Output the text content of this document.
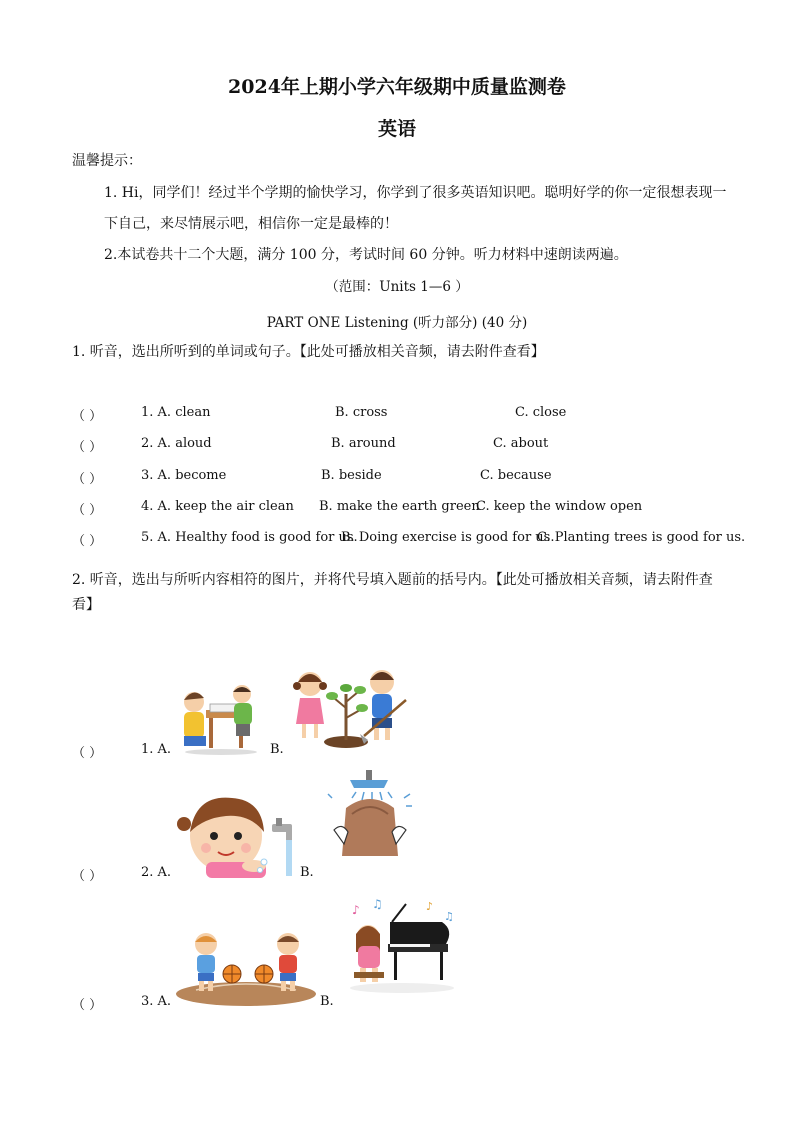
2024年上期小学六年级期中质量监测卷
英语
温馨提示：
1. Hi，同学们！经过半个学期的愉快学习，你学到了很多英语知识吧。聪明好学的你一定很想表现一
下自己，来尽情展示吧，相信你一定是最棒的！
2.本试卷共十二个大题，满分 100 分，考试时间 60 分钟。听力材料中速朗读两遍。
（范围：Units 1—6 ）
PART ONE Listening (听力部分) (40 分)
1. 听音，选出所听到的单词或句子。【此处可播放相关音频，请去附件查看】
（ ）	1. A. clean	B. cross	C. close
（ ）	2. A. aloud	B. around	C. about
（ ）	3. A. become	B. beside	C. because
（ ）	4. A. keep the air clean B. make the earth green
C. keep the window open
（ ）	5. A. Healthy food is good for us.
B. Doing exercise is good for us.
C. Planting trees is good for us.
2. 听音，选出与所听内容相符的图片，并将代号填入题前的括号内。【此处可播放相关音频，请去附件查看】
（ ）	1. A.	B.
（ ）	2. A.	B.
（ ）	3. A.	B.
♪ ♫	♪
♫
